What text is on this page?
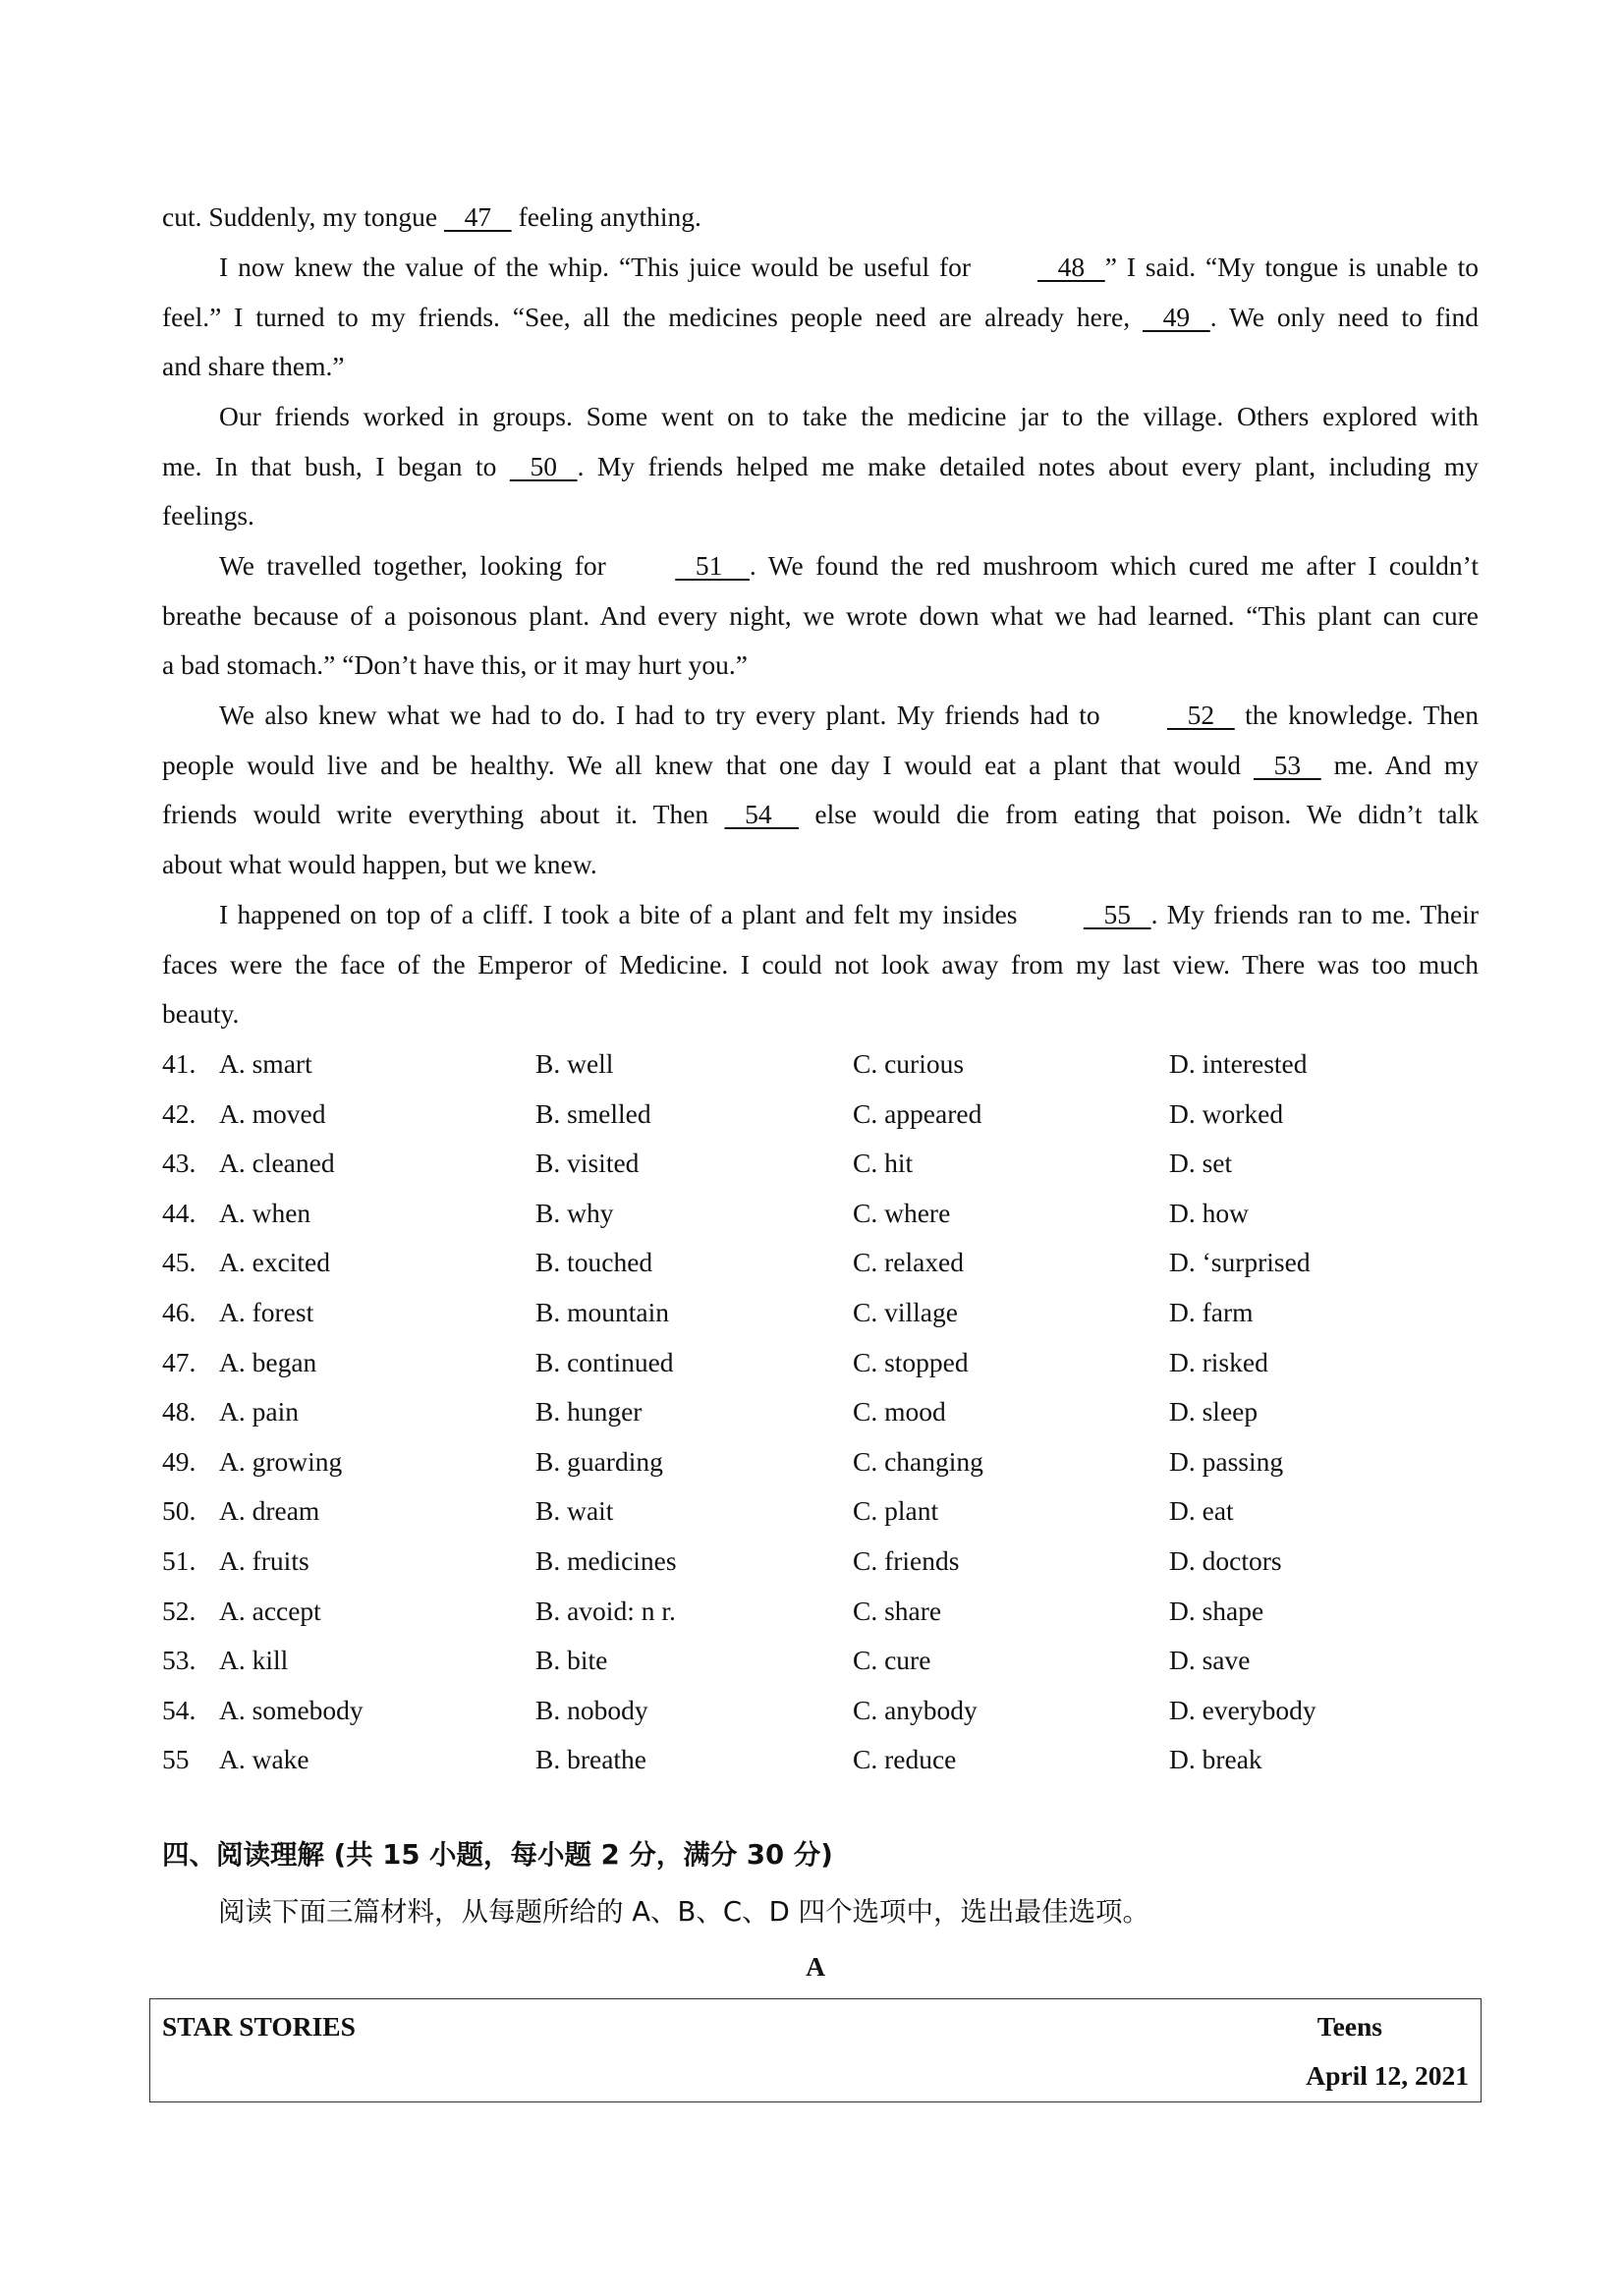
cut. Suddenly, my tongue    47    feeling anything.
I now knew the value of the whip. “This juice would be useful for    48   ” I said. “My tongue is unable to
feel.” I turned to my friends. “See, all the medicines people need are already here,    49   . We only need to find
and share them.”
Our friends worked in groups. Some went on to take the medicine jar to the village. Others explored with
me. In that bush, I began to    50   . My friends helped me make detailed notes about every plant, including my
feelings.
We travelled together, looking for    51    . We found the red mushroom which cured me after I couldn’t
breathe because of a poisonous plant. And every night, we wrote down what we had learned. “This plant can cure
a bad stomach.” “Don’t have this, or it may hurt you.”
We also knew what we had to do. I had to try every plant. My friends had to    52    the knowledge. Then
people would live and be healthy. We all knew that one day I would eat a plant that would    53    me. And my
friends would write everything about it. Then    54     else would die from eating that poison. We didn’t talk
about what would happen, but we knew.
I happened on top of a cliff. I took a bite of a plant and felt my insides    55   . My friends ran to me. Their
faces were the face of the Emperor of Medicine. I could not look away from my last view. There was too much
beauty.
41. A. smart	B. well	C. curious	D. interested
42. A. moved	B. smelled	C. appeared	D. worked
43. A. cleaned	B. visited	C. hit	D. set
44. A. when	B. why	C. where	D. how
45. A. excited	B. touched	C. relaxed	D. ‘surprised
46. A. forest	B. mountain	C. village	D. farm
47. A. began	B. continued	C. stopped	D. risked
48. A. pain	B. hunger	C. mood	D. sleep
49. A. growing	B. guarding	C. changing	D. passing
50. A. dream	B. wait	C. plant	D. eat
51. A. fruits	B. medicines	C. friends	D. doctors
52. A. accept	B. avoid: n r.	C. share	D. shape
53. A. kill	B. bite	C. cure	D. save
54. A. somebody	B. nobody	C. anybody	D. everybody
55 A. wake	B. breathe	C. reduce	D. break
四、阅读理解 (共 15 小题，每小题 2 分，满分 30 分)
阅读下面三篇材料，从每题所给的 A、B、C、D 四个选项中，选出最佳选项。
A
STAR STORIES	Teens
April 12, 2021
